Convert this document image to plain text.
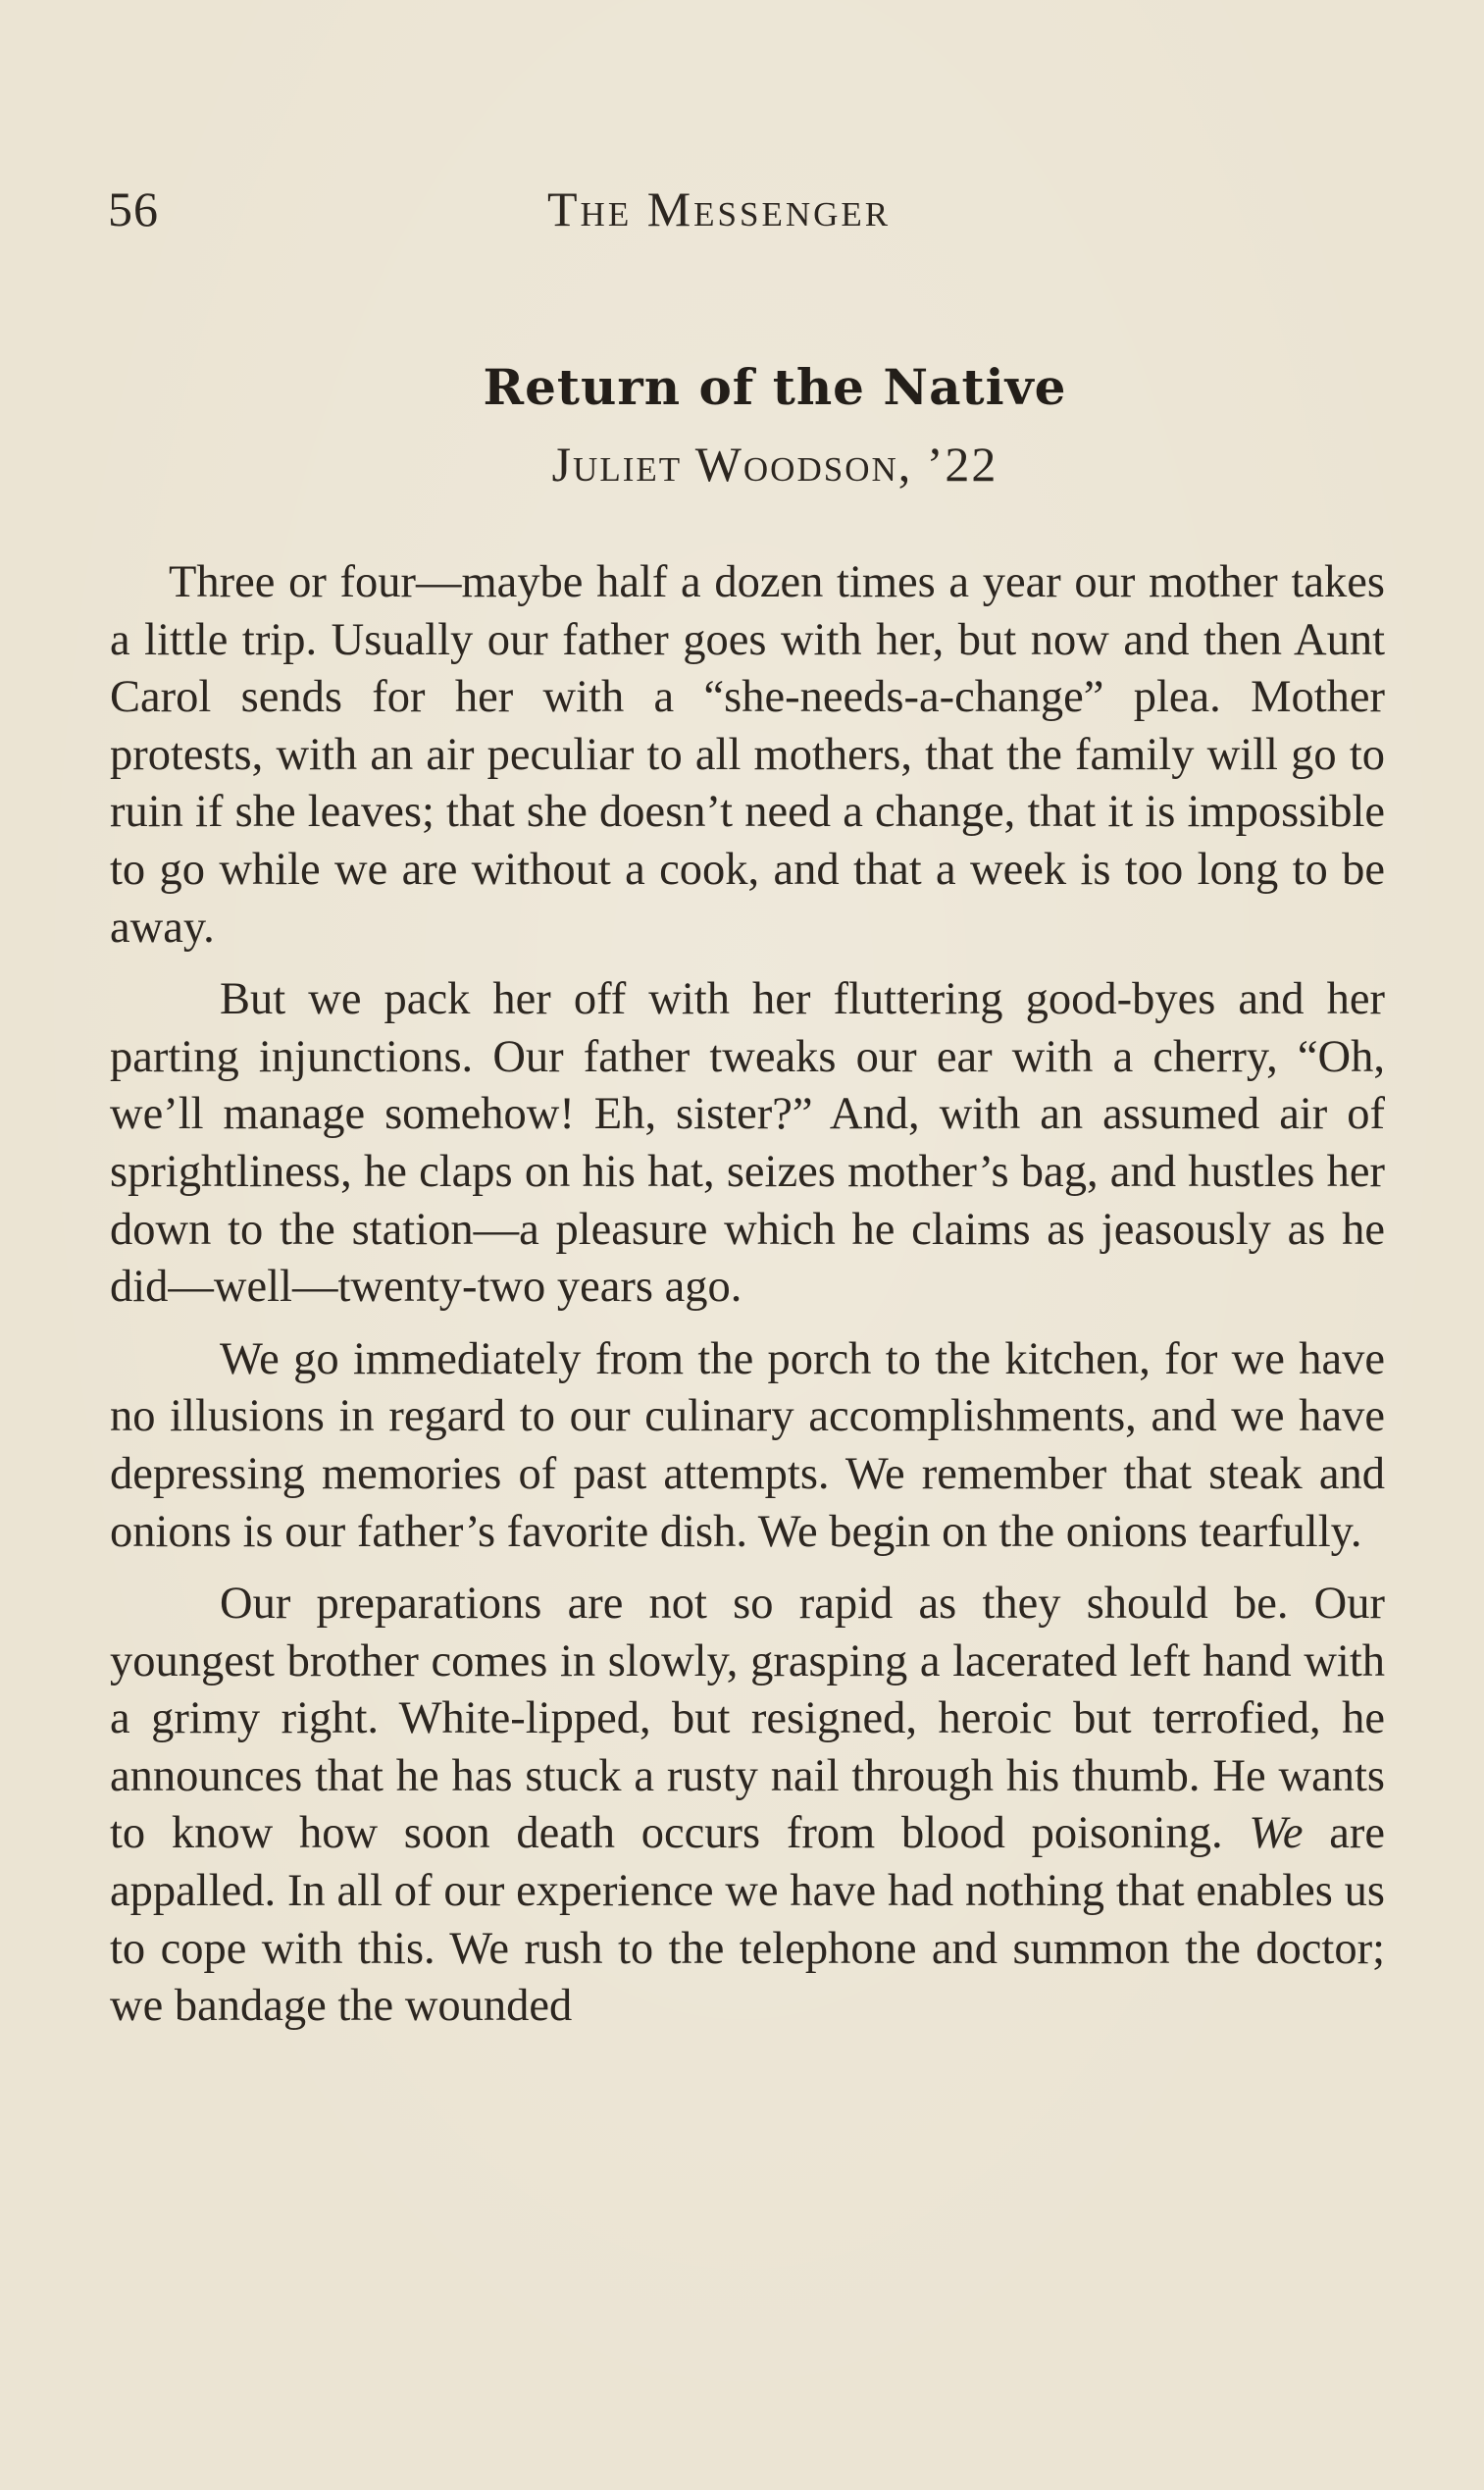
56	The Messenger
Return of the Native
Juliet Woodson, ’22

Three or four—maybe half a dozen times a year our mother takes a little trip. Usually our father goes with her, but now and then Aunt Carol sends for her with a “she-needs-a-change” plea. Mother protests, with an air peculiar to all mothers, that the family will go to ruin if she leaves; that she doesn’t need a change, that it is impossible to go while we are without a cook, and that a week is too long to be away.

But we pack her off with her fluttering good-byes and her parting injunctions. Our father tweaks our ear with a cherry, “Oh, we’ll manage somehow! Eh, sister?” And, with an assumed air of sprightliness, he claps on his hat, seizes mother’s bag, and hustles her down to the station—a pleasure which he claims as jeasously as he did—well—twenty-two years ago.

We go immediately from the porch to the kitchen, for we have no illusions in regard to our culinary accomplishments, and we have depressing memories of past attempts. We remember that steak and onions is our father’s favorite dish. We begin on the onions tearfully.

Our preparations are not so rapid as they should be. Our youngest brother comes in slowly, grasping a lacerated left hand with a grimy right. White-lipped, but resigned, heroic but terrofied, he announces that he has stuck a rusty nail through his thumb. He wants to know how soon death occurs from blood poisoning. We are appalled. In all of our experience we have had nothing that enables us to cope with this. We rush to the telephone and summon the doctor; we bandage the wounded
